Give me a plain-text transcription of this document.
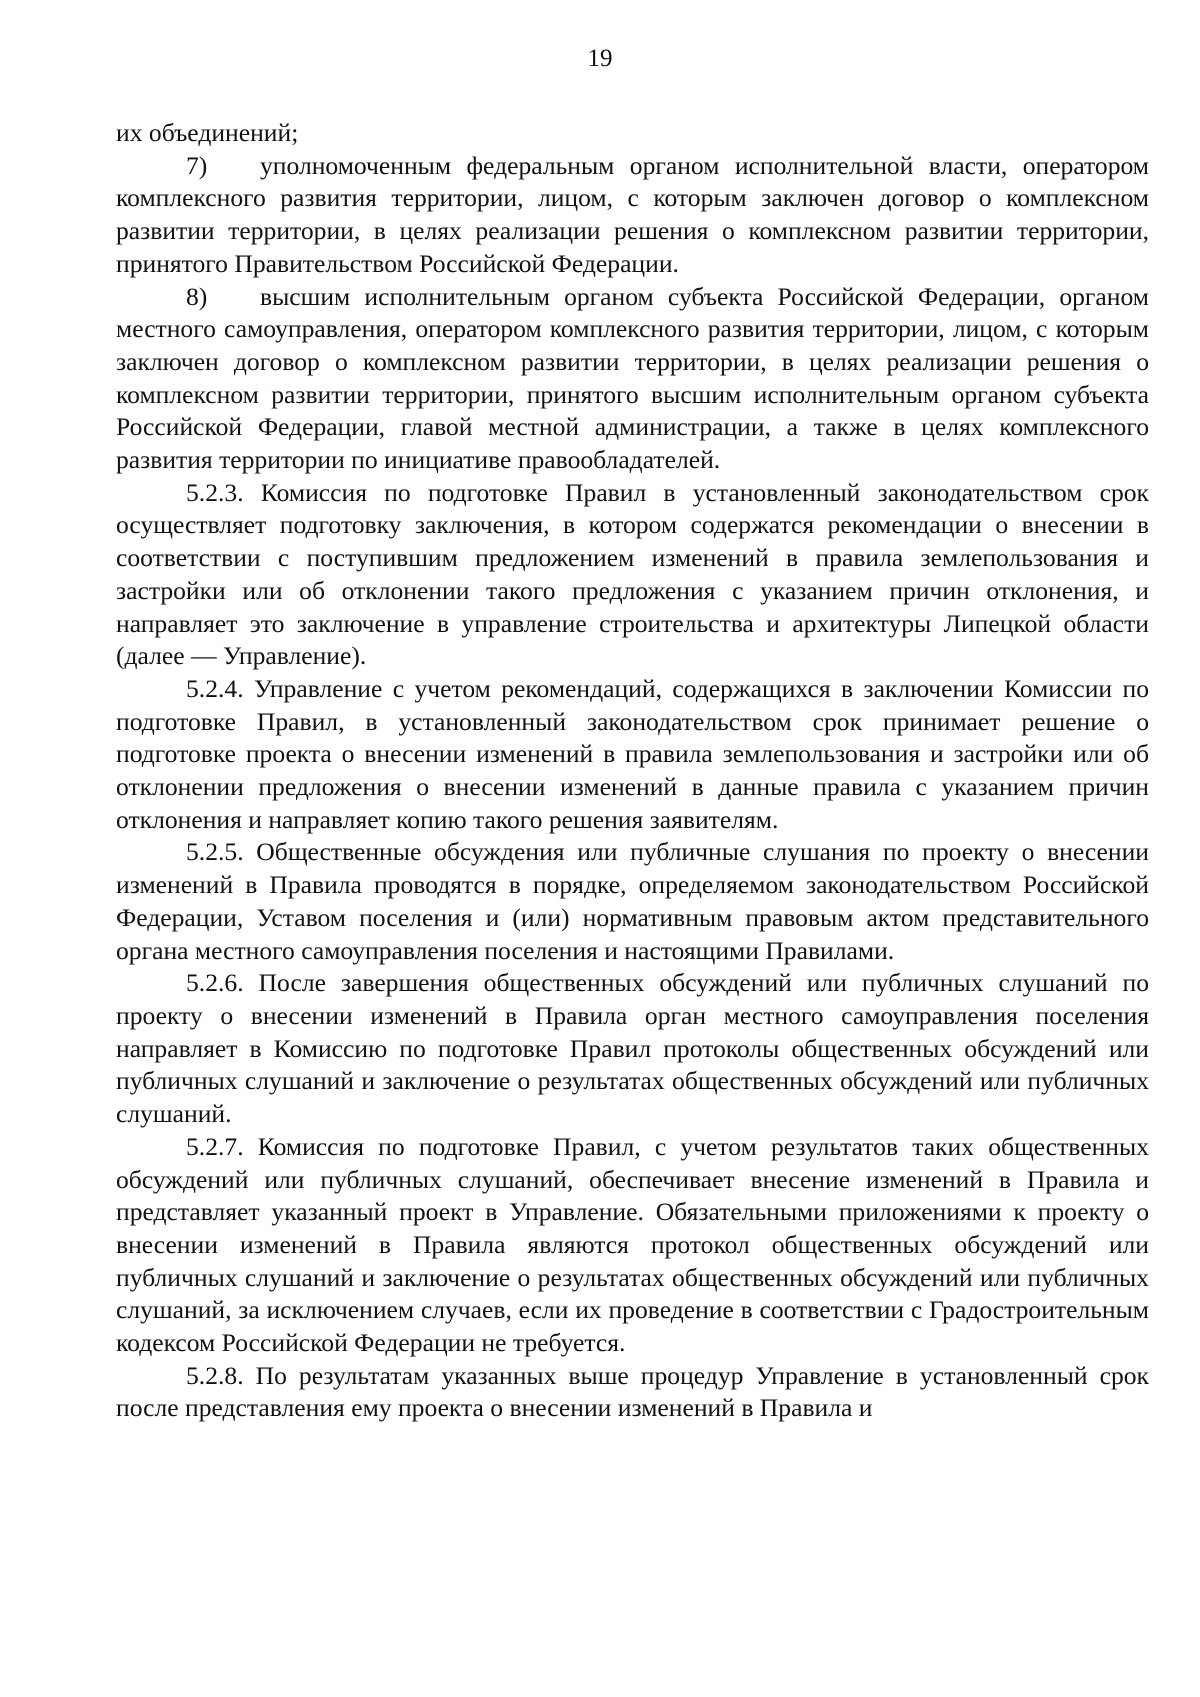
19

их объединений;

7) уполномоченным федеральным органом исполнительной власти, оператором комплексного развития территории, лицом, с которым заключен договор о комплексном развитии территории, в целях реализации решения о комплексном развитии территории, принятого Правительством Российской Федерации.

8) высшим исполнительным органом субъекта Российской Федерации, органом местного самоуправления, оператором комплексного развития территории, лицом, с которым заключен договор о комплексном развитии территории, в целях реализации решения о комплексном развитии территории, принятого высшим исполнительным органом субъекта Российской Федерации, главой местной администрации, а также в целях комплексного развития территории по инициативе правообладателей.

5.2.3. Комиссия по подготовке Правил в установленный законодательством срок осуществляет подготовку заключения, в котором содержатся рекомендации о внесении в соответствии с поступившим предложением изменений в правила землепользования и застройки или об отклонении такого предложения с указанием причин отклонения, и направляет это заключение в управление строительства и архитектуры Липецкой области (далее — Управление).

5.2.4. Управление с учетом рекомендаций, содержащихся в заключении Комиссии по подготовке Правил, в установленный законодательством срок принимает решение о подготовке проекта о внесении изменений в правила землепользования и застройки или об отклонении предложения о внесении изменений в данные правила с указанием причин отклонения и направляет копию такого решения заявителям.

5.2.5. Общественные обсуждения или публичные слушания по проекту о внесении изменений в Правила проводятся в порядке, определяемом законодательством Российской Федерации, Уставом поселения и (или) нормативным правовым актом представительного органа местного самоуправления поселения и настоящими Правилами.

5.2.6. После завершения общественных обсуждений или публичных слушаний по проекту о внесении изменений в Правила орган местного самоуправления поселения направляет в Комиссию по подготовке Правил протоколы общественных обсуждений или публичных слушаний и заключение о результатах общественных обсуждений или публичных слушаний.

5.2.7. Комиссия по подготовке Правил, с учетом результатов таких общественных обсуждений или публичных слушаний, обеспечивает внесение изменений в Правила и представляет указанный проект в Управление. Обязательными приложениями к проекту о внесении изменений в Правила являются протокол общественных обсуждений или публичных слушаний и заключение о результатах общественных обсуждений или публичных слушаний, за исключением случаев, если их проведение в соответствии с Градостроительным кодексом Российской Федерации не требуется.

5.2.8. По результатам указанных выше процедур Управление в установленный срок после представления ему проекта о внесении изменений в Правила и
